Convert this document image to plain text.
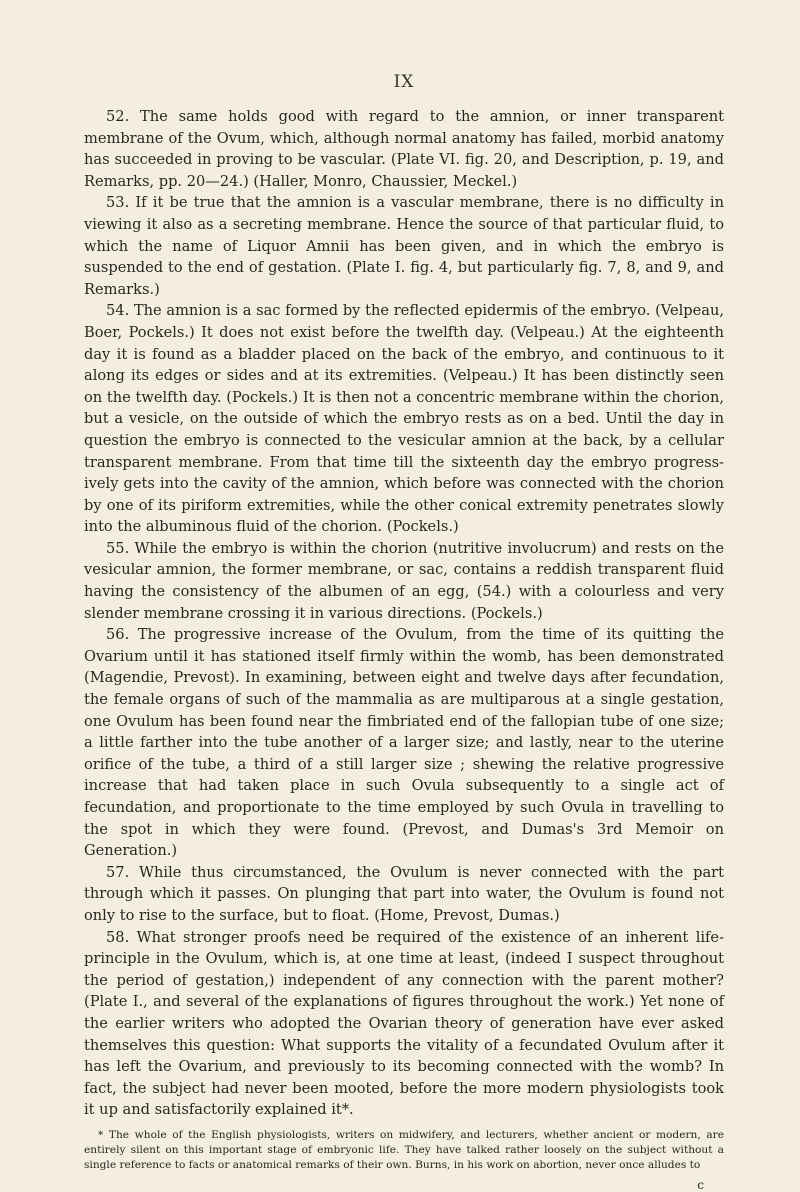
IX

52. The same holds good with regard to the amnion, or inner transparent membrane of the Ovum, which, although normal anatomy has failed, morbid anatomy has succeeded in proving to be vascular. (Plate VI. fig. 20, and Description, p. 19, and Remarks, pp. 20—24.) (Haller, Monro, Chaussier, Meckel.)

53. If it be true that the amnion is a vascular membrane, there is no difficulty in viewing it also as a secreting membrane. Hence the source of that particular fluid, to which the name of Liquor Amnii has been given, and in which the embryo is suspended to the end of gestation. (Plate I. fig. 4, but particularly fig. 7, 8, and 9, and Remarks.)

54. The amnion is a sac formed by the reflected epidermis of the embryo. (Velpeau, Boer, Pockels.) It does not exist before the twelfth day. (Velpeau.) At the eighteenth day it is found as a bladder placed on the back of the embryo, and continuous to it along its edges or sides and at its extremities. (Velpeau.) It has been distinctly seen on the twelfth day. (Pockels.) It is then not a concentric membrane within the chorion, but a vesicle, on the outside of which the embryo rests as on a bed. Until the day in question the embryo is connected to the vesicular amnion at the back, by a cellular transparent membrane. From that time till the sixteenth day the embryo progress- ively gets into the cavity of the amnion, which before was connected with the chorion by one of its piriform extremities, while the other conical extremity penetrates slowly into the albuminous fluid of the chorion. (Pockels.)

55. While the embryo is within the chorion (nutritive involucrum) and rests on the vesicular amnion, the former membrane, or sac, contains a reddish transparent fluid having the consistency of the albumen of an egg, (54.) with a colourless and very slender membrane crossing it in various directions. (Pockels.)

56. The progressive increase of the Ovulum, from the time of its quitting the Ovarium until it has stationed itself firmly within the womb, has been demonstrated (Magendie, Prevost). In examining, between eight and twelve days after fecundation, the female organs of such of the mammalia as are multiparous at a single gestation, one Ovulum has been found near the fimbriated end of the fallopian tube of one size; a little farther into the tube another of a larger size; and lastly, near to the uterine orifice of the tube, a third of a still larger size ; shewing the relative progressive increase that had taken place in such Ovula subsequently to a single act of fecundation, and proportionate to the time employed by such Ovula in travelling to the spot in which they were found. (Prevost, and Dumas's 3rd Memoir on Generation.)

57. While thus circumstanced, the Ovulum is never connected with the part through which it passes. On plunging that part into water, the Ovulum is found not only to rise to the surface, but to float. (Home, Prevost, Dumas.)

58. What stronger proofs need be required of the existence of an inherent life-principle in the Ovulum, which is, at one time at least, (indeed I suspect throughout the period of gestation,) independent of any connection with the parent mother? (Plate I., and several of the explanations of figures throughout the work.) Yet none of the earlier writers who adopted the Ovarian theory of generation have ever asked themselves this question: What supports the vitality of a fecundated Ovulum after it has left the Ovarium, and previously to its becoming connected with the womb? In fact, the subject had never been mooted, before the more modern physiologists took it up and satisfactorily explained it*.

* The whole of the English physiologists, writers on midwifery, and lecturers, whether ancient or modern, are entirely silent on this important stage of embryonic life. They have talked rather loosely on the subject without a single reference to facts or anatomical remarks of their own. Burns, in his work on abortion, never once alludes to

c
